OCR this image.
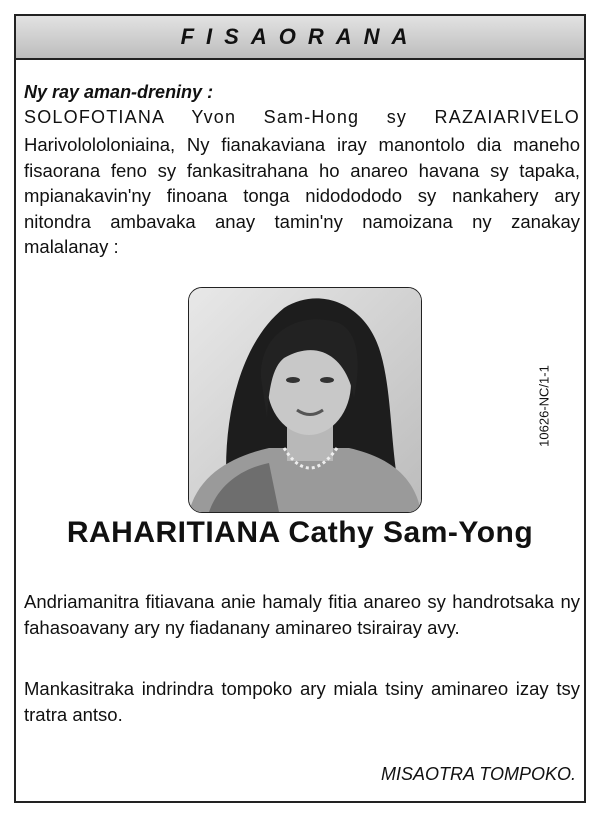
FISAORANA
Ny ray aman-dreniny :
SOLOFOTIANA Yvon Sam-Hong sy RAZAIARIVELO
Harivolololoniaina, Ny fianakaviana iray manontolo dia maneho fisaorana feno sy fankasitrahana ho anareo havana sy tapaka, mpianakavin'ny finoana tonga nidodododo sy nankahery ary nitondra ambavaka anay tamin'ny namoizana ny zanakay malalanay :
RAHARITIANA Cathy Sam-Yong
10626-NC/1-1
Andriamanitra fitiavana anie hamaly fitia anareo sy handrotsaka ny fahasoavany ary ny fiadanany aminareo tsirairay avy.
Mankasitraka indrindra tompoko ary miala tsiny aminareo izay tsy tratra antso.
MISAOTRA TOMPOKO.
